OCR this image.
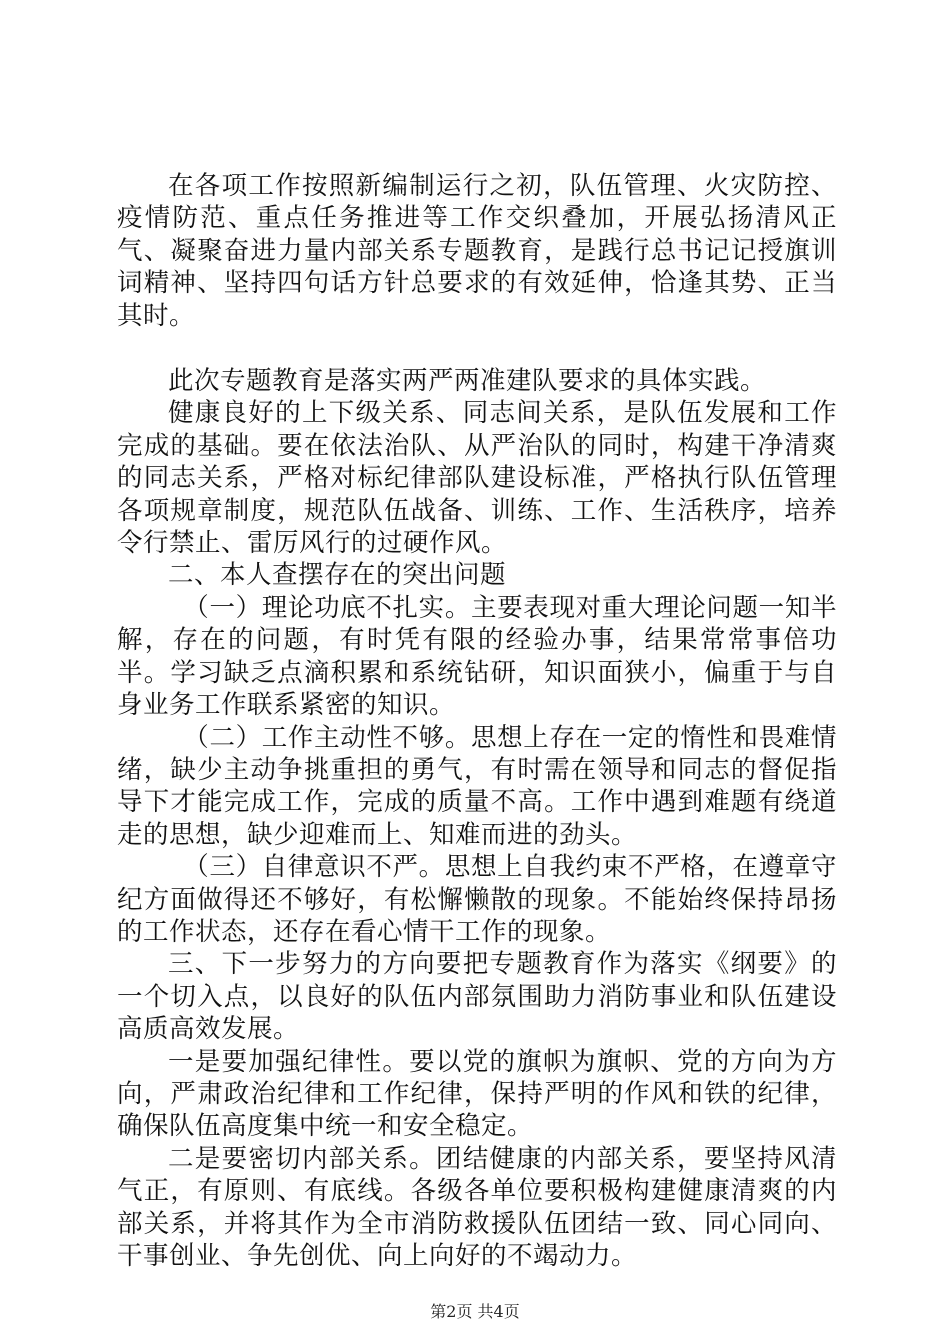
在各项工作按照新编制运行之初，队伍管理、火灾防控、疫情防范、重点任务推进等工作交织叠加，开展弘扬清风正气、凝聚奋进力量内部关系专题教育，是践行总书记记授旗训词精神、坚持四句话方针总要求的有效延伸，恰逢其势、正当其时。

此次专题教育是落实两严两准建队要求的具体实践。

健康良好的上下级关系、同志间关系，是队伍发展和工作完成的基础。要在依法治队、从严治队的同时，构建干净清爽的同志关系，严格对标纪律部队建设标准，严格执行队伍管理各项规章制度，规范队伍战备、训练、工作、生活秩序，培养令行禁止、雷厉风行的过硬作风。

二、本人查摆存在的突出问题

（一）理论功底不扎实。主要表现对重大理论问题一知半解，存在的问题，有时凭有限的经验办事，结果常常事倍功半。学习缺乏点滴积累和系统钻研，知识面狭小，偏重于与自身业务工作联系紧密的知识。

（二）工作主动性不够。思想上存在一定的惰性和畏难情绪，缺少主动争挑重担的勇气，有时需在领导和同志的督促指导下才能完成工作，完成的质量不高。工作中遇到难题有绕道走的思想，缺少迎难而上、知难而进的劲头。

（三）自律意识不严。思想上自我约束不严格，在遵章守纪方面做得还不够好，有松懈懒散的现象。不能始终保持昂扬的工作状态，还存在看心情干工作的现象。

三、下一步努力的方向要把专题教育作为落实《纲要》的一个切入点，以良好的队伍内部氛围助力消防事业和队伍建设高质高效发展。

一是要加强纪律性。要以党的旗帜为旗帜、党的方向为方向，严肃政治纪律和工作纪律，保持严明的作风和铁的纪律，确保队伍高度集中统一和安全稳定。

二是要密切内部关系。团结健康的内部关系，要坚持风清气正，有原则、有底线。各级各单位要积极构建健康清爽的内部关系，并将其作为全市消防救援队伍团结一致、同心同向、干事创业、争先创优、向上向好的不竭动力。

第2页 共4页
